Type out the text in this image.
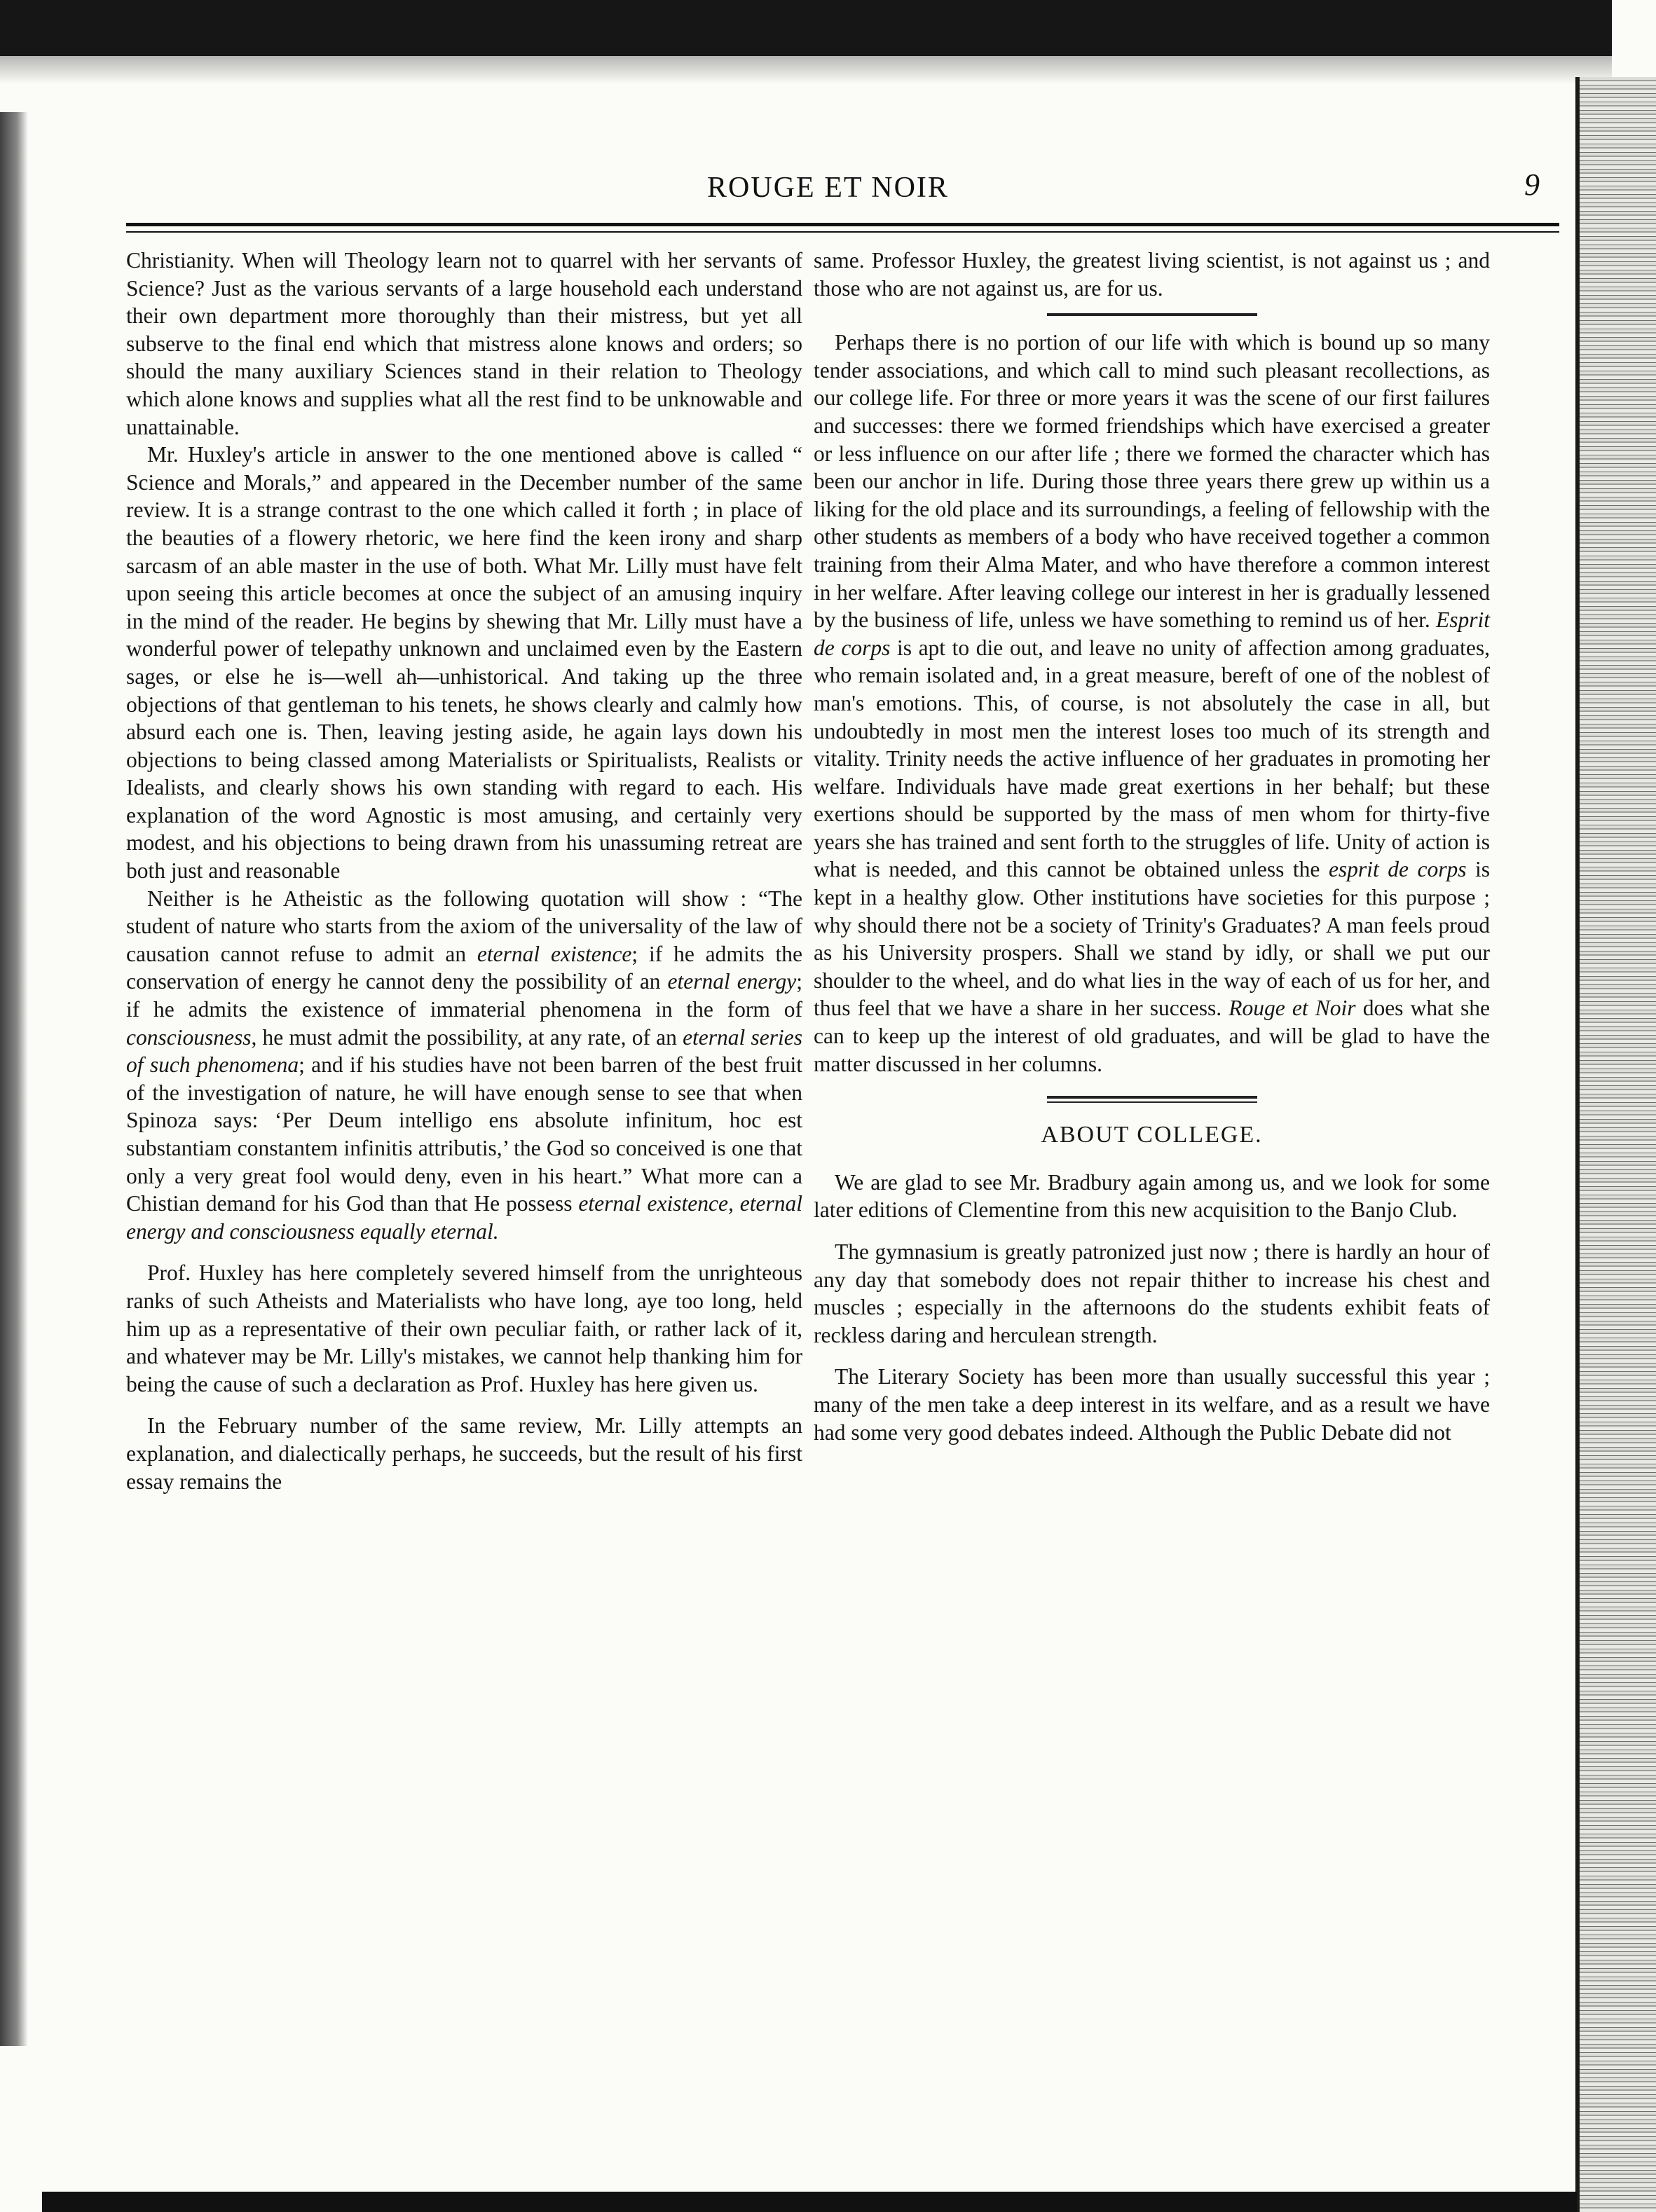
ROUGE ET NOIR	9

Christianity. When will Theology learn not to quarrel with her servants of Science? Just as the various servants of a large household each understand their own department more thoroughly than their mistress, but yet all subserve to the final end which that mistress alone knows and orders; so should the many auxiliary Sciences stand in their relation to Theology which alone knows and supplies what all the rest find to be unknowable and unattainable.

Mr. Huxley's article in answer to the one mentioned above is called “ Science and Morals,” and appeared in the December number of the same review. It is a strange contrast to the one which called it forth ; in place of the beauties of a flowery rhetoric, we here find the keen irony and sharp sarcasm of an able master in the use of both. What Mr. Lilly must have felt upon seeing this article becomes at once the subject of an amusing inquiry in the mind of the reader. He begins by shewing that Mr. Lilly must have a wonderful power of telepathy unknown and unclaimed even by the Eastern sages, or else he is—well ah—unhistorical. And taking up the three objections of that gentleman to his tenets, he shows clearly and calmly how absurd each one is. Then, leaving jesting aside, he again lays down his objections to being classed among Materialists or Spiritualists, Realists or Idealists, and clearly shows his own standing with regard to each. His explanation of the word Agnostic is most amusing, and certainly very modest, and his objections to being drawn from his unassuming retreat are both just and reasonable

Neither is he Atheistic as the following quotation will show : “The student of nature who starts from the axiom of the universality of the law of causation cannot refuse to admit an eternal existence; if he admits the conservation of energy he cannot deny the possibility of an eternal energy; if he admits the existence of immaterial phenomena in the form of consciousness, he must admit the possibility, at any rate, of an eternal series of such phenomena; and if his studies have not been barren of the best fruit of the investigation of nature, he will have enough sense to see that when Spinoza says: ‘Per Deum intelligo ens absolute infinitum, hoc est substantiam constantem infinitis attributis,’ the God so conceived is one that only a very great fool would deny, even in his heart.” What more can a Chistian demand for his God than that He possess eternal existence, eternal energy and consciousness equally eternal.

Prof. Huxley has here completely severed himself from the unrighteous ranks of such Atheists and Materialists who have long, aye too long, held him up as a representative of their own peculiar faith, or rather lack of it, and whatever may be Mr. Lilly's mistakes, we cannot help thanking him for being the cause of such a declaration as Prof. Huxley has here given us.

In the February number of the same review, Mr. Lilly attempts an explanation, and dialectically perhaps, he succeeds, but the result of his first essay remains the

same. Professor Huxley, the greatest living scientist, is not against us ; and those who are not against us, are for us.

Perhaps there is no portion of our life with which is bound up so many tender associations, and which call to mind such pleasant recollections, as our college life. For three or more years it was the scene of our first failures and successes: there we formed friendships which have exercised a greater or less influence on our after life ; there we formed the character which has been our anchor in life. During those three years there grew up within us a liking for the old place and its surroundings, a feeling of fellowship with the other students as members of a body who have received together a common training from their Alma Mater, and who have therefore a common interest in her welfare. After leaving college our interest in her is gradually lessened by the business of life, unless we have something to remind us of her. Esprit de corps is apt to die out, and leave no unity of affection among graduates, who remain isolated and, in a great measure, bereft of one of the noblest of man's emotions. This, of course, is not absolutely the case in all, but undoubtedly in most men the interest loses too much of its strength and vitality. Trinity needs the active influence of her graduates in promoting her welfare. Individuals have made great exertions in her behalf; but these exertions should be supported by the mass of men whom for thirty-five years she has trained and sent forth to the struggles of life. Unity of action is what is needed, and this cannot be obtained unless the esprit de corps is kept in a healthy glow. Other institutions have societies for this purpose ; why should there not be a society of Trinity's Graduates? A man feels proud as his University prospers. Shall we stand by idly, or shall we put our shoulder to the wheel, and do what lies in the way of each of us for her, and thus feel that we have a share in her success. Rouge et Noir does what she can to keep up the interest of old graduates, and will be glad to have the matter discussed in her columns.

ABOUT COLLEGE.

We are glad to see Mr. Bradbury again among us, and we look for some later editions of Clementine from this new acquisition to the Banjo Club.

The gymnasium is greatly patronized just now ; there is hardly an hour of any day that somebody does not repair thither to increase his chest and muscles ; especially in the afternoons do the students exhibit feats of reckless daring and herculean strength.

The Literary Society has been more than usually successful this year ; many of the men take a deep interest in its welfare, and as a result we have had some very good debates indeed. Although the Public Debate did not
